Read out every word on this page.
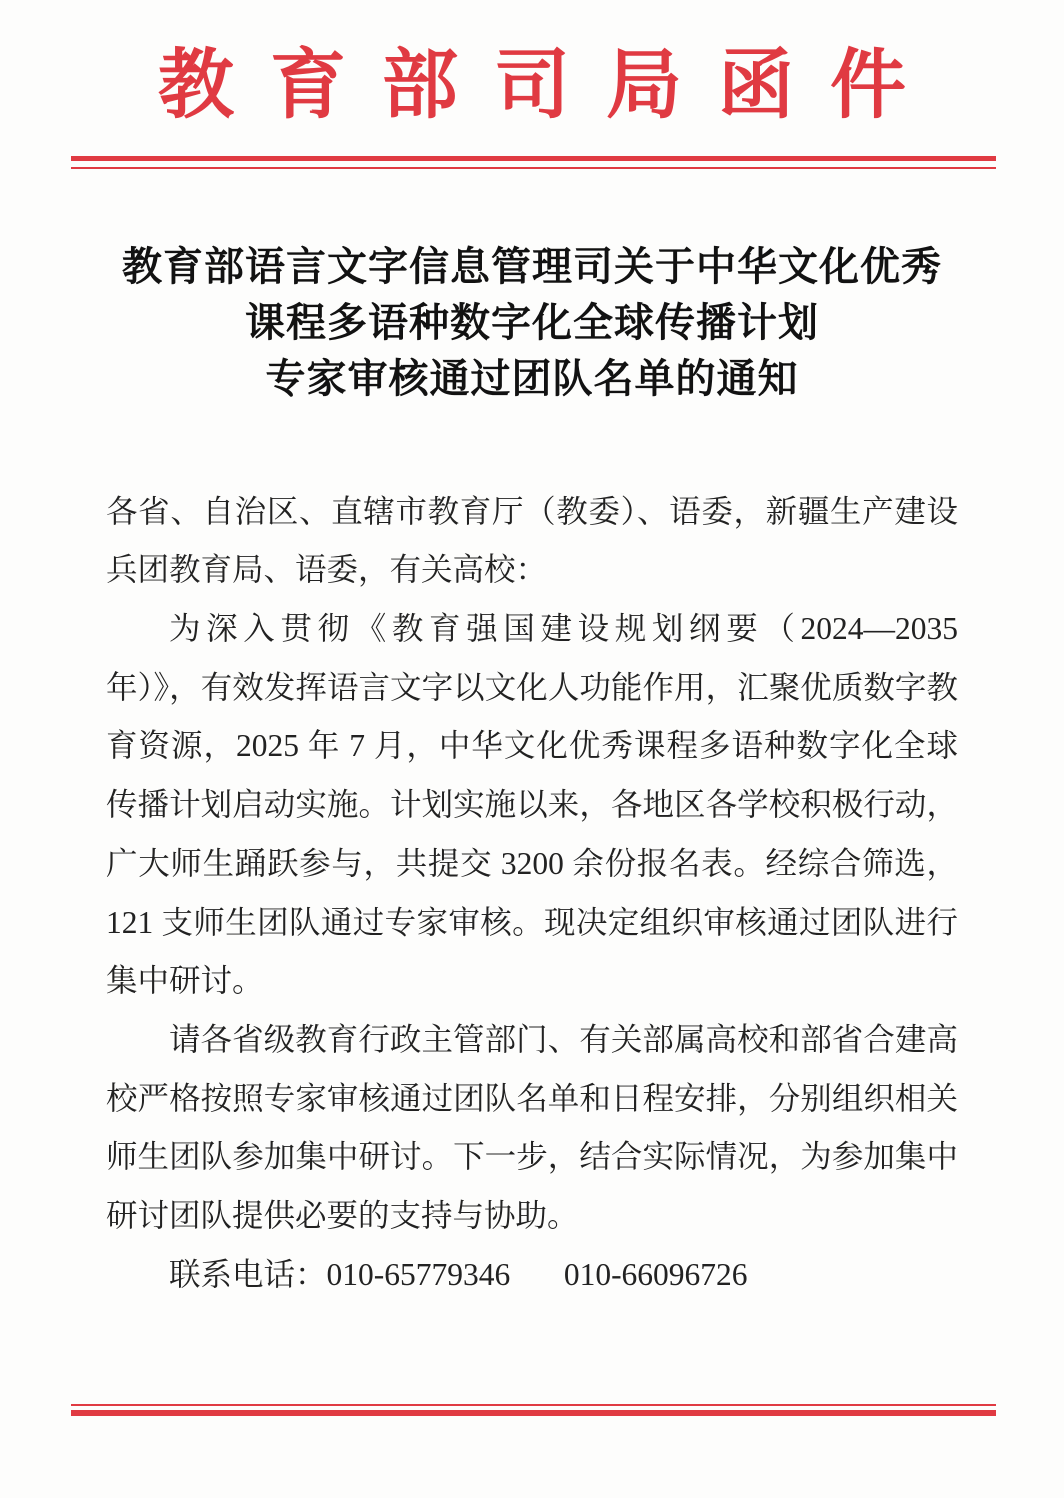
教育部司局函件
教育部语言文字信息管理司关于中华文化优秀
课程多语种数字化全球传播计划
专家审核通过团队名单的通知

各省、自治区、直辖市教育厅（教委）、语委，新疆生产建设兵团教育局、语委，有关高校：

为深入贯彻《教育强国建设规划纲要（2024—2035 年）》，有效发挥语言文字以文化人功能作用，汇聚优质数字教育资源，2025 年 7 月，中华文化优秀课程多语种数字化全球传播计划启动实施。计划实施以来，各地区各学校积极行动，广大师生踊跃参与，共提交 3200 余份报名表。经综合筛选，121 支师生团队通过专家审核。现决定组织审核通过团队进行集中研讨。

请各省级教育行政主管部门、有关部属高校和部省合建高校严格按照专家审核通过团队名单和日程安排，分别组织相关师生团队参加集中研讨。下一步，结合实际情况，为参加集中研讨团队提供必要的支持与协助。

联系电话：010-65779346 010-66096726
